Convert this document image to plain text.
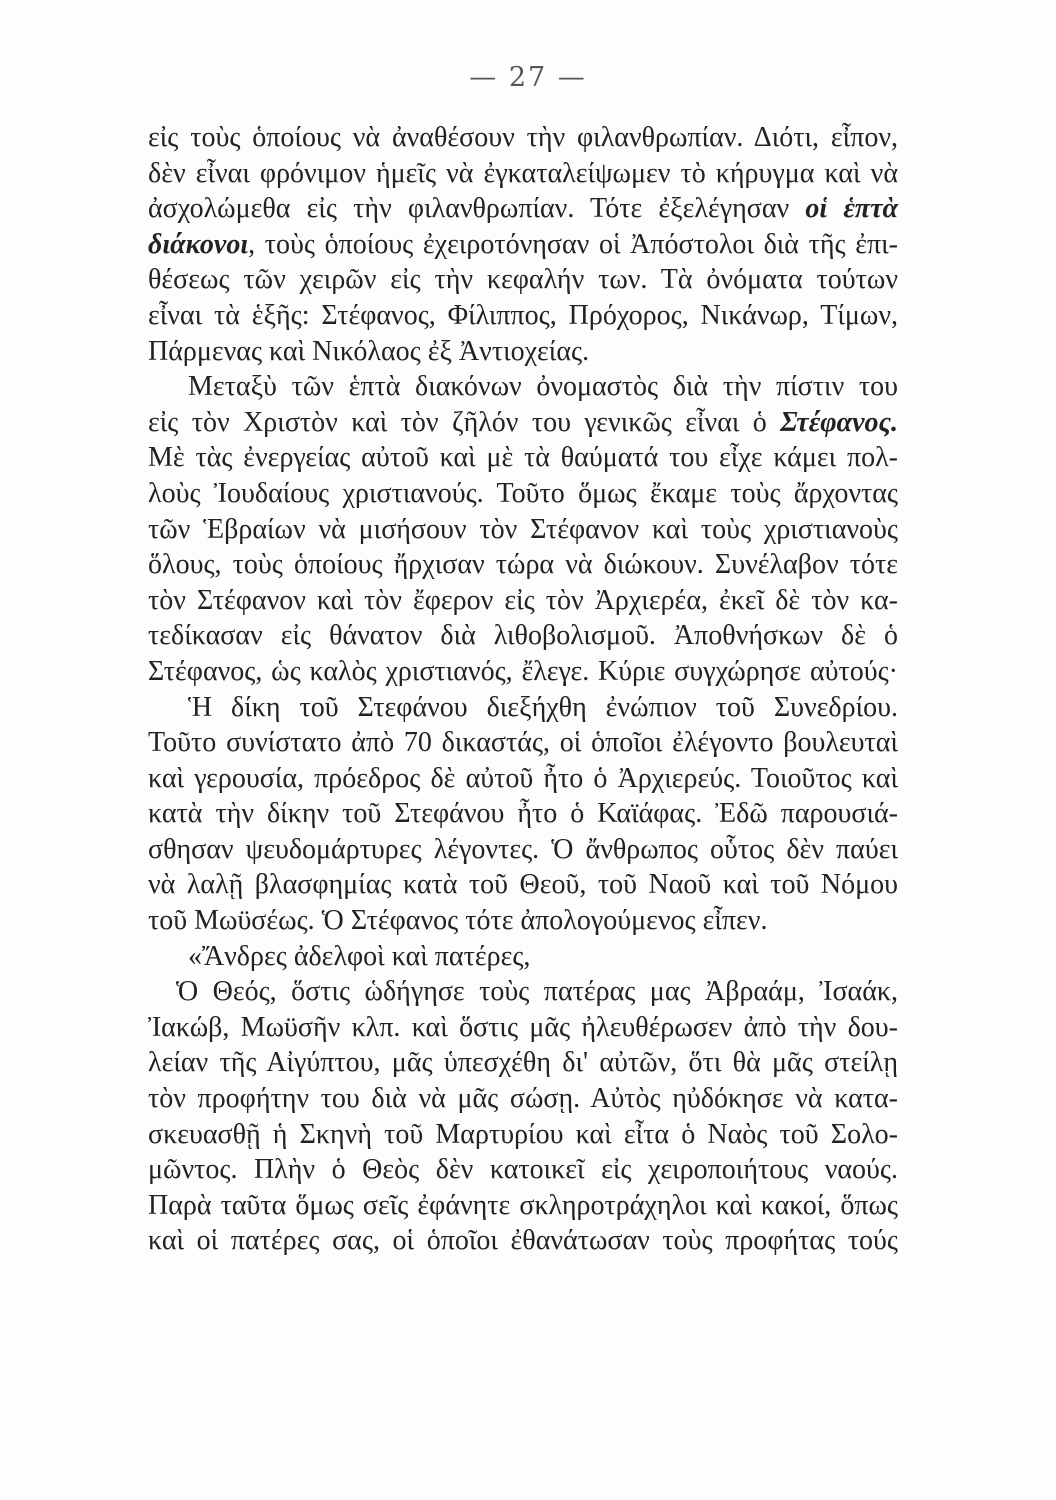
— 27 —
εἰς τοὺς ὁποίους νὰ ἀναθέσουν τὴν φιλανθρωπίαν. Διότι, εἶπον,
δὲν εἶναι φρόνιμον ἡμεῖς νὰ ἐγκαταλείψωμεν τὸ κήρυγμα καὶ νὰ
ἀσχολώμεθα εἰς τὴν φιλανθρωπίαν. Τότε ἐξελέγησαν οἱ ἑπτὰ
διάκονοι, τοὺς ὁποίους ἐχειροτόνησαν οἱ Ἀπόστολοι διὰ τῆς ἐπι-
θέσεως τῶν χειρῶν εἰς τὴν κεφαλήν των. Τὰ ὀνόματα τούτων
εἶναι τὰ ἑξῆς: Στέφανος, Φίλιππος, Πρόχορος, Νικάνωρ, Τίμων,
Πάρμενας καὶ Νικόλαος ἐξ Ἀντιοχείας.
Μεταξὺ τῶν ἑπτὰ διακόνων ὀνομαστὸς διὰ τὴν πίστιν του
εἰς τὸν Χριστὸν καὶ τὸν ζῆλόν του γενικῶς εἶναι ὁ Στέφανος.
Μὲ τὰς ἐνεργείας αὐτοῦ καὶ μὲ τὰ θαύματά του εἶχε κάμει πολ-
λοὺς Ἰουδαίους χριστιανούς. Τοῦτο ὅμως ἔκαμε τοὺς ἄρχοντας
τῶν Ἑβραίων νὰ μισήσουν τὸν Στέφανον καὶ τοὺς χριστιανοὺς
ὅλους, τοὺς ὁποίους ἤρχισαν τώρα νὰ διώκουν. Συνέλαβον τότε
τὸν Στέφανον καὶ τὸν ἔφερον εἰς τὸν Ἀρχιερέα, ἐκεῖ δὲ τὸν κα-
τεδίκασαν εἰς θάνατον διὰ λιθοβολισμοῦ. Ἀποθνήσκων δὲ ὁ
Στέφανος, ὡς καλὸς χριστιανός, ἔλεγε. Κύριε συγχώρησε αὐτούς·
Ἡ δίκη τοῦ Στεφάνου διεξήχθη ἐνώπιον τοῦ Συνεδρίου.
Τοῦτο συνίστατο ἀπὸ 70 δικαστάς, οἱ ὁποῖοι ἐλέγοντο βουλευταὶ
καὶ γερουσία, πρόεδρος δὲ αὐτοῦ ἦτο ὁ Ἀρχιερεύς. Τοιοῦτος καὶ
κατὰ τὴν δίκην τοῦ Στεφάνου ἦτο ὁ Καϊάφας. Ἐδῶ παρουσιά-
σθησαν ψευδομάρτυρες λέγοντες. Ὁ ἄνθρωπος οὗτος δὲν παύει
νὰ λαλῇ βλασφημίας κατὰ τοῦ Θεοῦ, τοῦ Ναοῦ καὶ τοῦ Νόμου
τοῦ Μωϋσέως. Ὁ Στέφανος τότε ἀπολογούμενος εἶπεν.
«Ἄνδρες ἀδελφοὶ καὶ πατέρες,
Ὁ Θεός, ὅστις ὡδήγησε τοὺς πατέρας μας Ἀβραάμ, Ἰσαάκ,
Ἰακώβ, Μωϋσῆν κλπ. καὶ ὅστις μᾶς ἠλευθέρωσεν ἀπὸ τὴν δου-
λείαν τῆς Αἰγύπτου, μᾶς ὑπεσχέθη δι' αὐτῶν, ὅτι θὰ μᾶς στείλῃ
τὸν προφήτην του διὰ νὰ μᾶς σώσῃ. Αὐτὸς ηὐδόκησε νὰ κατα-
σκευασθῇ ἡ Σκηνὴ τοῦ Μαρτυρίου καὶ εἶτα ὁ Ναὸς τοῦ Σολο-
μῶντος. Πλὴν ὁ Θεὸς δὲν κατοικεῖ εἰς χειροποιήτους ναούς.
Παρὰ ταῦτα ὅμως σεῖς ἐφάνητε σκληροτράχηλοι καὶ κακοί, ὅπως
καὶ οἱ πατέρες σας, οἱ ὁποῖοι ἐθανάτωσαν τοὺς προφήτας τούς
